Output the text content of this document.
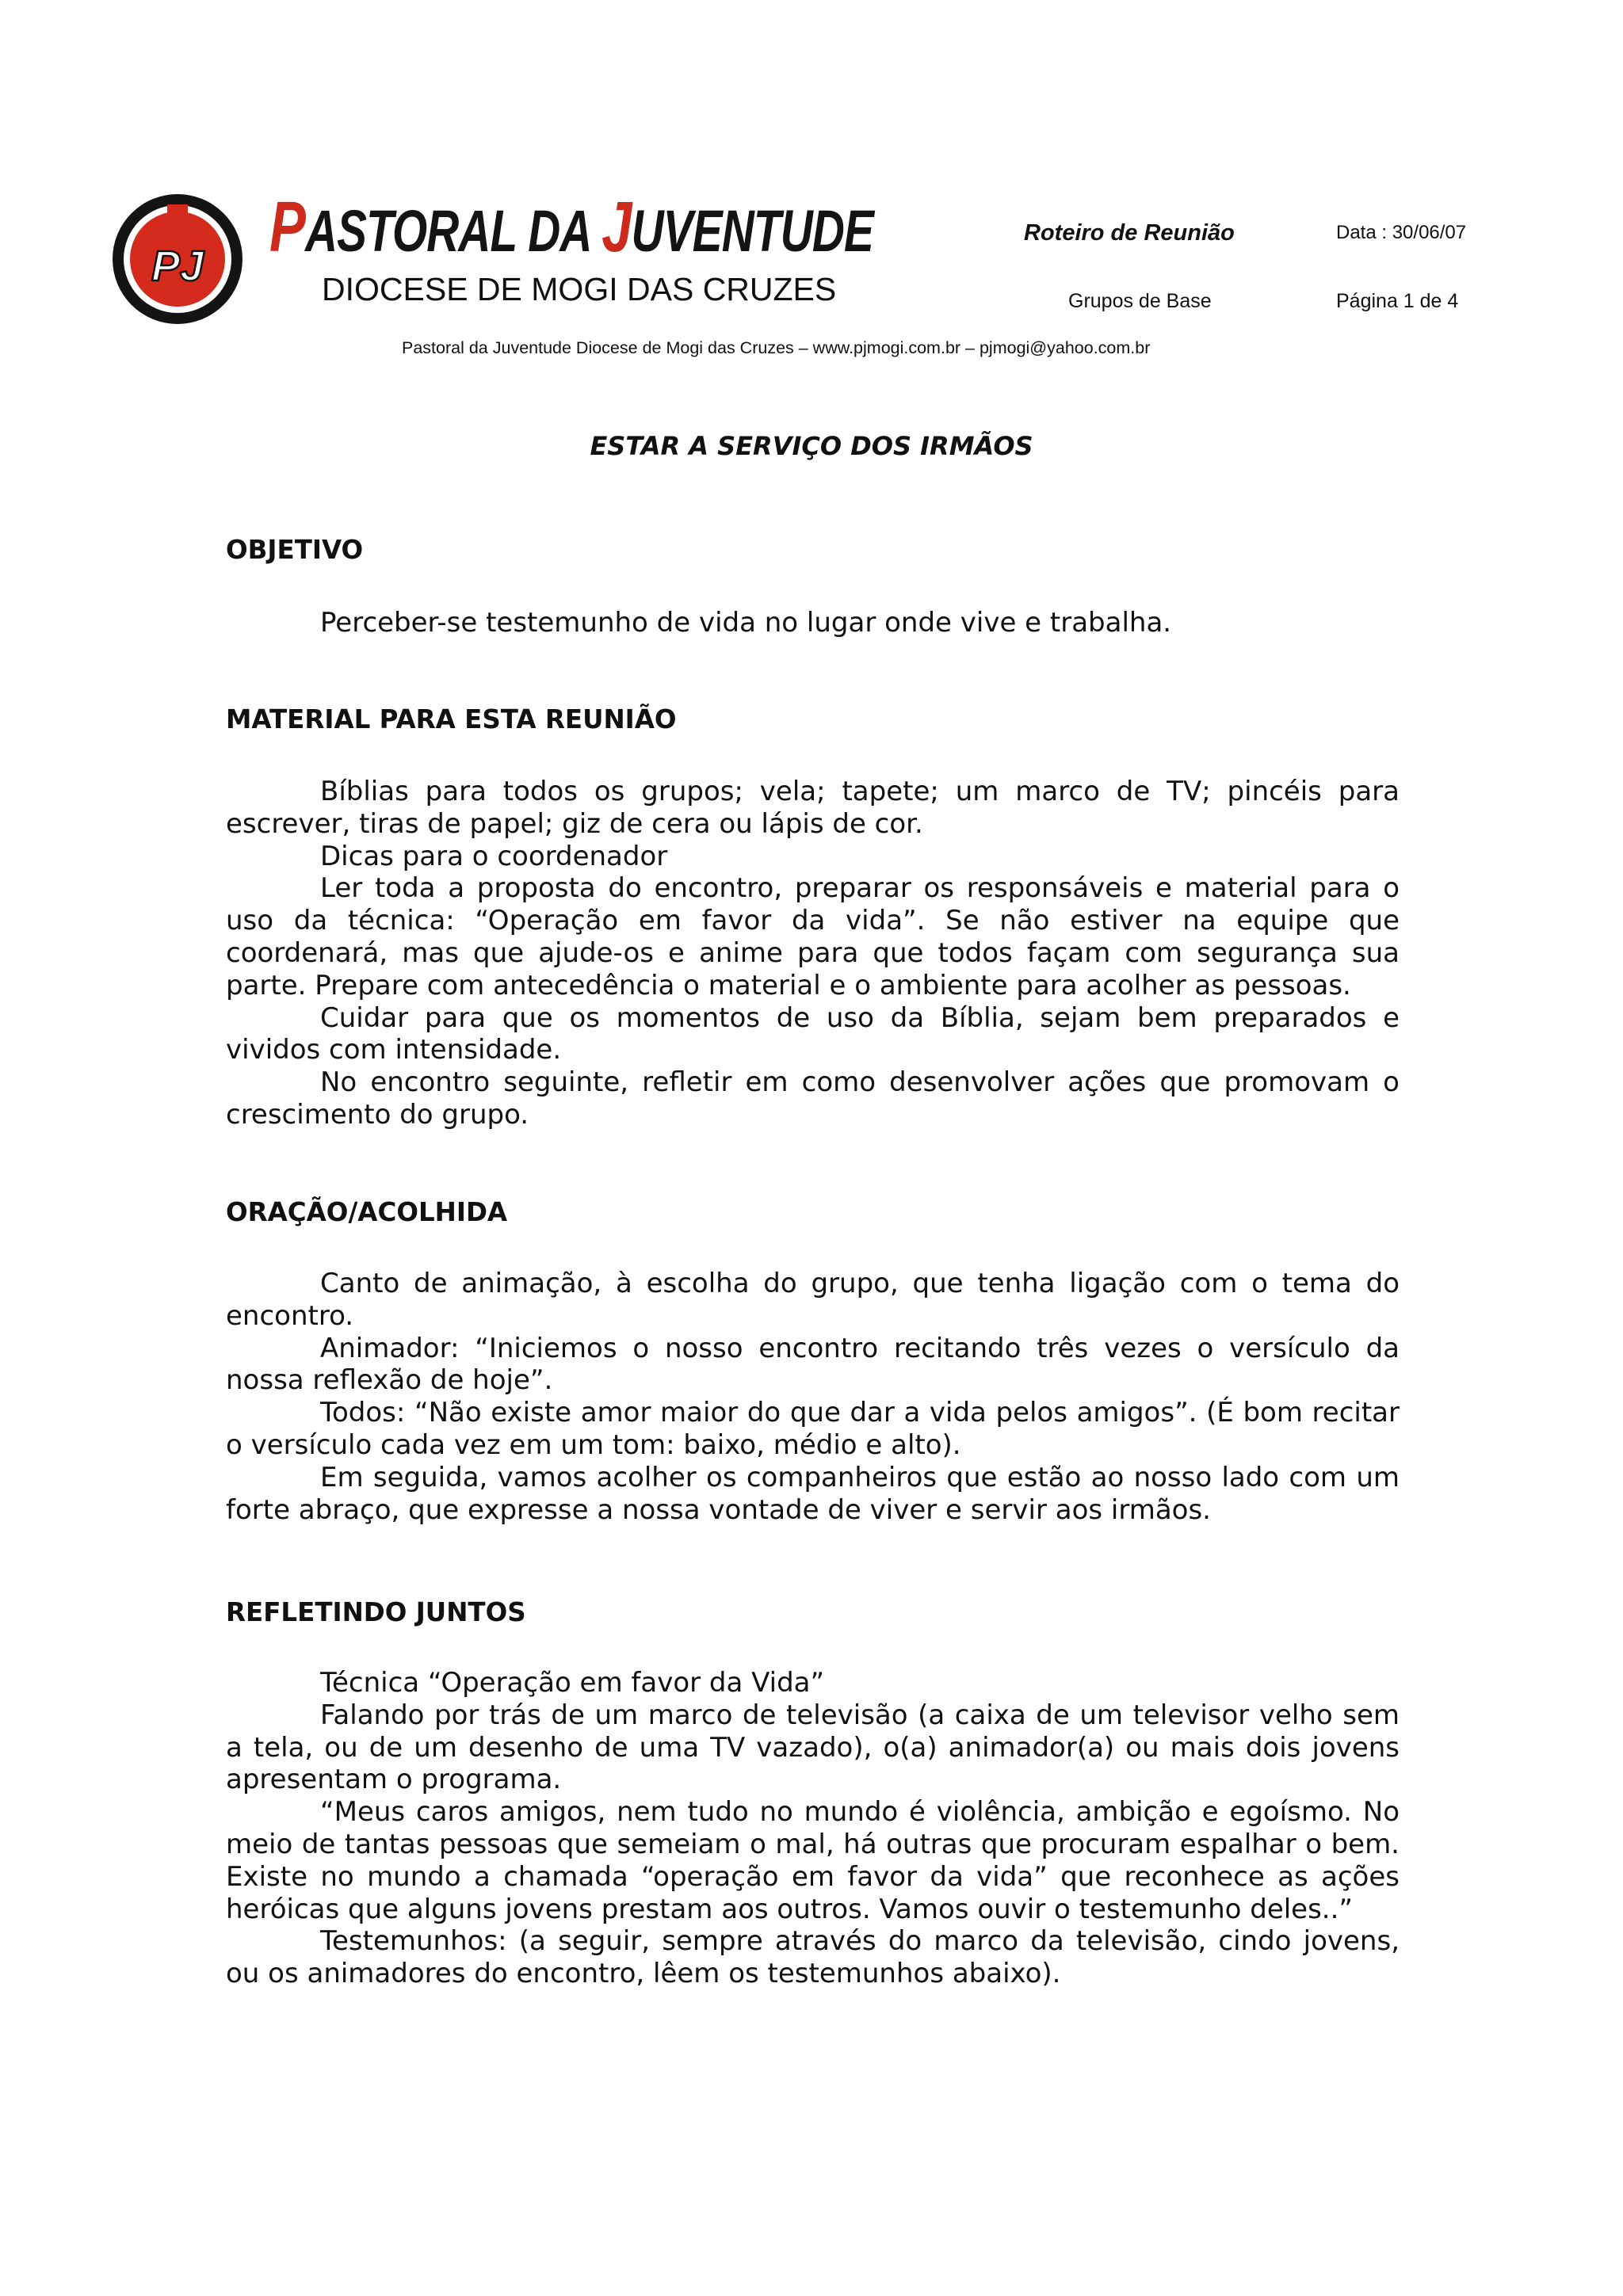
PJ PASTORAL DA JUVENTUDE
DIOCESE DE MOGI DAS CRUZES
Roteiro de Reunião	Data : 30/06/07
Grupos de Base	Página 1 de 4
Pastoral da Juventude Diocese de Mogi das Cruzes – www.pjmogi.com.br – pjmogi@yahoo.com.br
ESTAR A SERVIÇO DOS IRMÃOS
OBJETIVO

Perceber-se testemunho de vida no lugar onde vive e trabalha.

MATERIAL PARA ESTA REUNIÃO

Bíblias para todos os grupos; vela; tapete; um marco de TV; pincéis para escrever, tiras de papel; giz de cera ou lápis de cor.

Dicas para o coordenador

Ler toda a proposta do encontro, preparar os responsáveis e material para o uso da técnica: “Operação em favor da vida”. Se não estiver na equipe que coordenará, mas que ajude-os e anime para que todos façam com segurança sua parte. Prepare com antecedência o material e o ambiente para acolher as pessoas.

Cuidar para que os momentos de uso da Bíblia, sejam bem preparados e vividos com intensidade.

No encontro seguinte, refletir em como desenvolver ações que promovam o crescimento do grupo.

ORAÇÃO/ACOLHIDA

Canto de animação, à escolha do grupo, que tenha ligação com o tema do encontro.

Animador: “Iniciemos o nosso encontro recitando três vezes o versículo da nossa reflexão de hoje”.

Todos: “Não existe amor maior do que dar a vida pelos amigos”. (É bom recitar o versículo cada vez em um tom: baixo, médio e alto).

Em seguida, vamos acolher os companheiros que estão ao nosso lado com um forte abraço, que expresse a nossa vontade de viver e servir aos irmãos.

REFLETINDO JUNTOS

Técnica “Operação em favor da Vida”

Falando por trás de um marco de televisão (a caixa de um televisor velho sem a tela, ou de um desenho de uma TV vazado), o(a) animador(a) ou mais dois jovens apresentam o programa.

“Meus caros amigos, nem tudo no mundo é violência, ambição e egoísmo. No meio de tantas pessoas que semeiam o mal, há outras que procuram espalhar o bem. Existe no mundo a chamada “operação em favor da vida” que reconhece as ações heróicas que alguns jovens prestam aos outros. Vamos ouvir o testemunho deles..”

Testemunhos: (a seguir, sempre através do marco da televisão, cindo jovens, ou os animadores do encontro, lêem os testemunhos abaixo).
